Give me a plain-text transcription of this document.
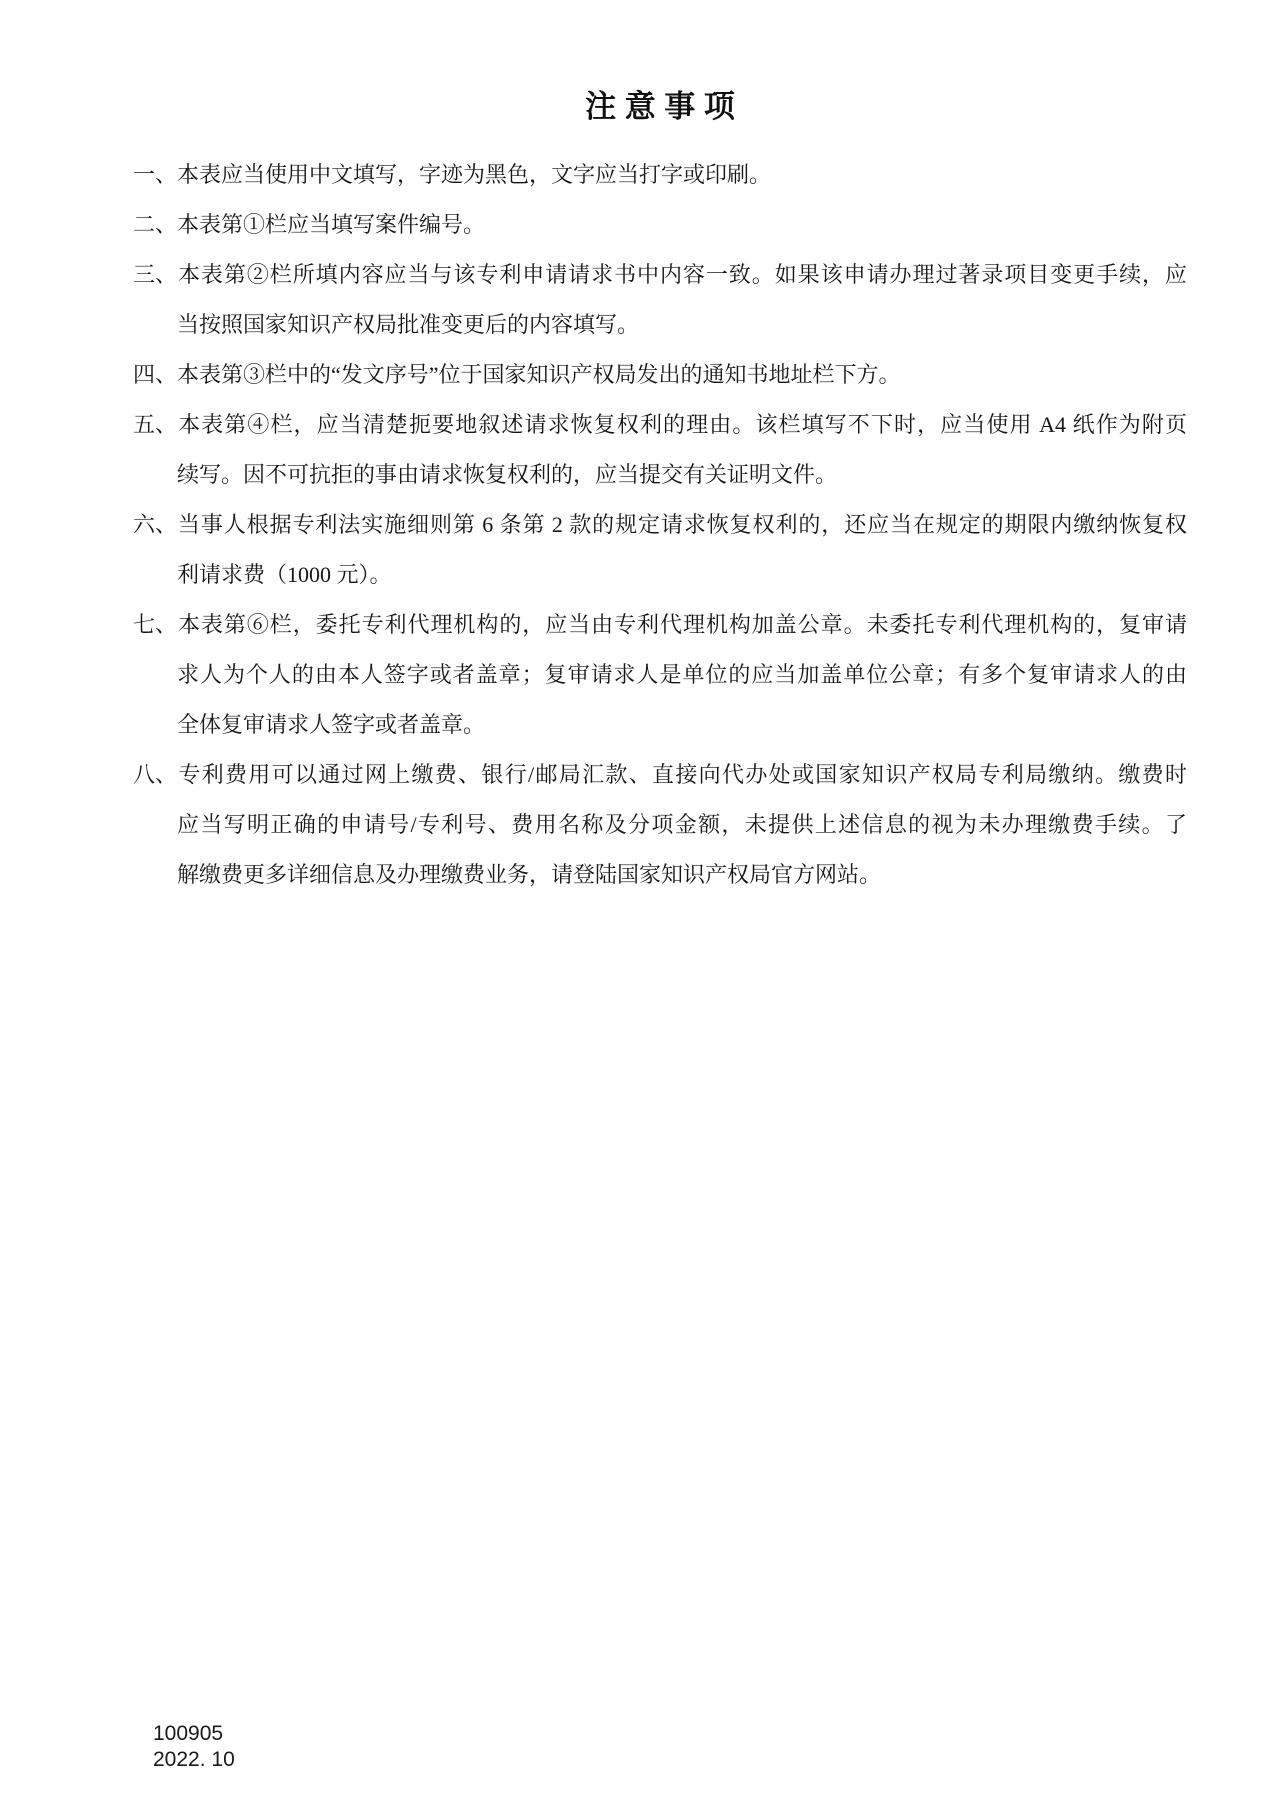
注 意 事 项
一、本表应当使用中文填写，字迹为黑色，文字应当打字或印刷。
二、本表第①栏应当填写案件编号。
三、本表第②栏所填内容应当与该专利申请请求书中内容一致。如果该申请办理过著录项目变更手续，应
当按照国家知识产权局批准变更后的内容填写。
四、本表第③栏中的“发文序号”位于国家知识产权局发出的通知书地址栏下方。
五、本表第④栏，应当清楚扼要地叙述请求恢复权利的理由。该栏填写不下时，应当使用 A4 纸作为附页
续写。因不可抗拒的事由请求恢复权利的，应当提交有关证明文件。
六、当事人根据专利法实施细则第 6 条第 2 款的规定请求恢复权利的，还应当在规定的期限内缴纳恢复权
利请求费（1000 元）。
七、本表第⑥栏，委托专利代理机构的，应当由专利代理机构加盖公章。未委托专利代理机构的，复审请
求人为个人的由本人签字或者盖章；复审请求人是单位的应当加盖单位公章；有多个复审请求人的由
全体复审请求人签字或者盖章。
八、专利费用可以通过网上缴费、银行/邮局汇款、直接向代办处或国家知识产权局专利局缴纳。缴费时
应当写明正确的申请号/专利号、费用名称及分项金额，未提供上述信息的视为未办理缴费手续。了
解缴费更多详细信息及办理缴费业务，请登陆国家知识产权局官方网站。
100905
2022. 10
